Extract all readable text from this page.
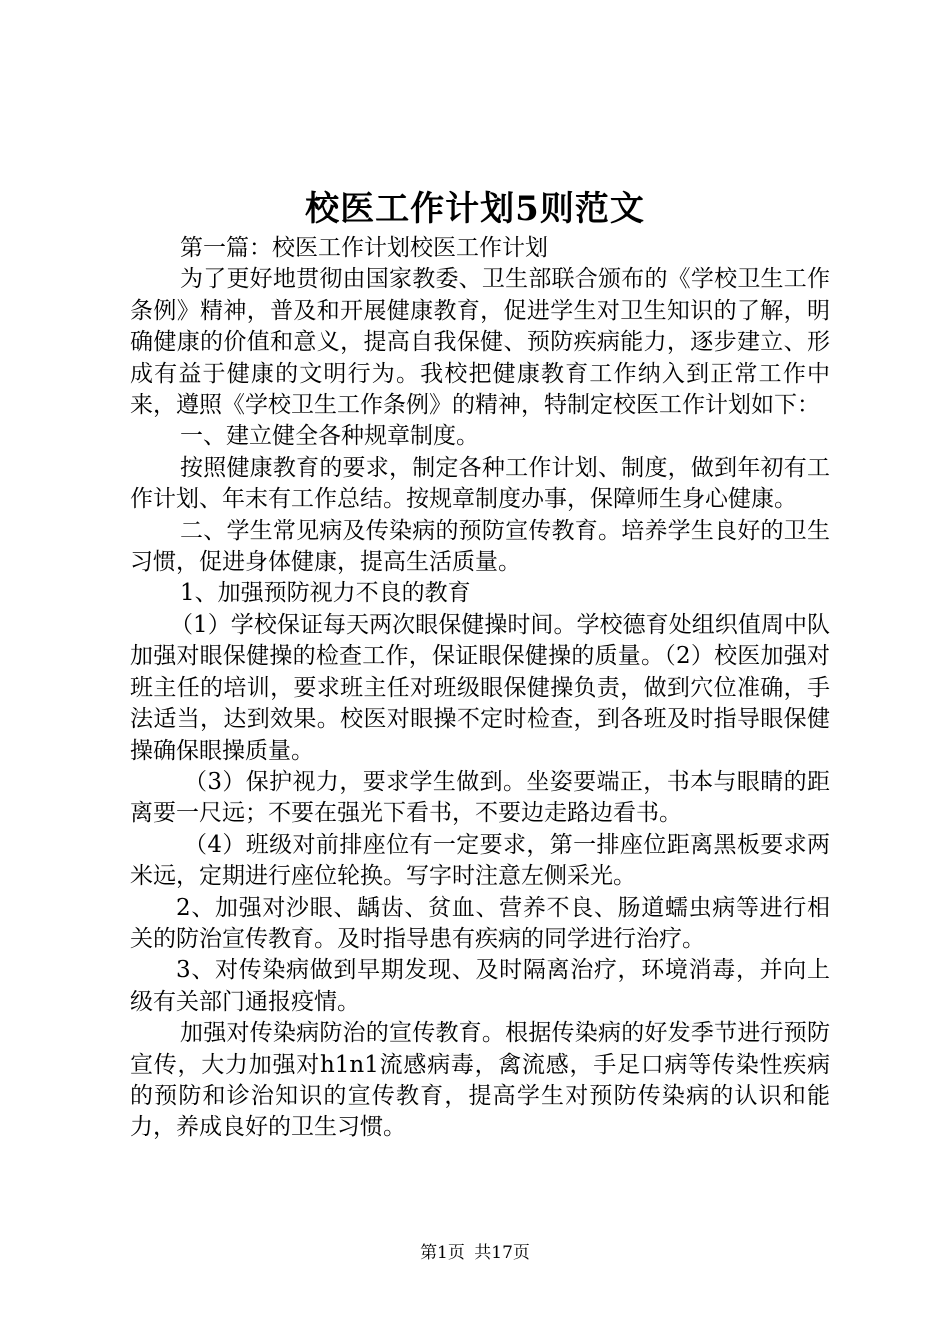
校医工作计划5则范文

第一篇：校医工作计划校医工作计划

为了更好地贯彻由国家教委、卫生部联合颁布的《学校卫生工作条例》精神，普及和开展健康教育，促进学生对卫生知识的了解，明确健康的价值和意义，提高自我保健、预防疾病能力，逐步建立、形成有益于健康的文明行为。我校把健康教育工作纳入到正常工作中来，遵照《学校卫生工作条例》的精神，特制定校医工作计划如下：

一、建立健全各种规章制度。

按照健康教育的要求，制定各种工作计划、制度，做到年初有工作计划、年末有工作总结。按规章制度办事，保障师生身心健康。

二、学生常见病及传染病的预防宣传教育。培养学生良好的卫生习惯，促进身体健康，提高生活质量。

1、加强预防视力不良的教育

（1）学校保证每天两次眼保健操时间。学校德育处组织值周中队加强对眼保健操的检查工作，保证眼保健操的质量。（2）校医加强对班主任的培训，要求班主任对班级眼保健操负责，做到穴位准确，手法适当，达到效果。校医对眼操不定时检查，到各班及时指导眼保健操确保眼操质量。

（3）保护视力，要求学生做到。坐姿要端正，书本与眼睛的距离要一尺远；不要在强光下看书，不要边走路边看书。

（4）班级对前排座位有一定要求，第一排座位距离黑板要求两米远，定期进行座位轮换。写字时注意左侧采光。

2、加强对沙眼、龋齿、贫血、营养不良、肠道蠕虫病等进行相关的防治宣传教育。及时指导患有疾病的同学进行治疗。

3、对传染病做到早期发现、及时隔离治疗，环境消毒，并向上级有关部门通报疫情。

加强对传染病防治的宣传教育。根据传染病的好发季节进行预防宣传，大力加强对h1n1流感病毒，禽流感，手足口病等传染性疾病的预防和诊治知识的宣传教育，提高学生对预防传染病的认识和能力，养成良好的卫生习惯。

第1页 共17页
